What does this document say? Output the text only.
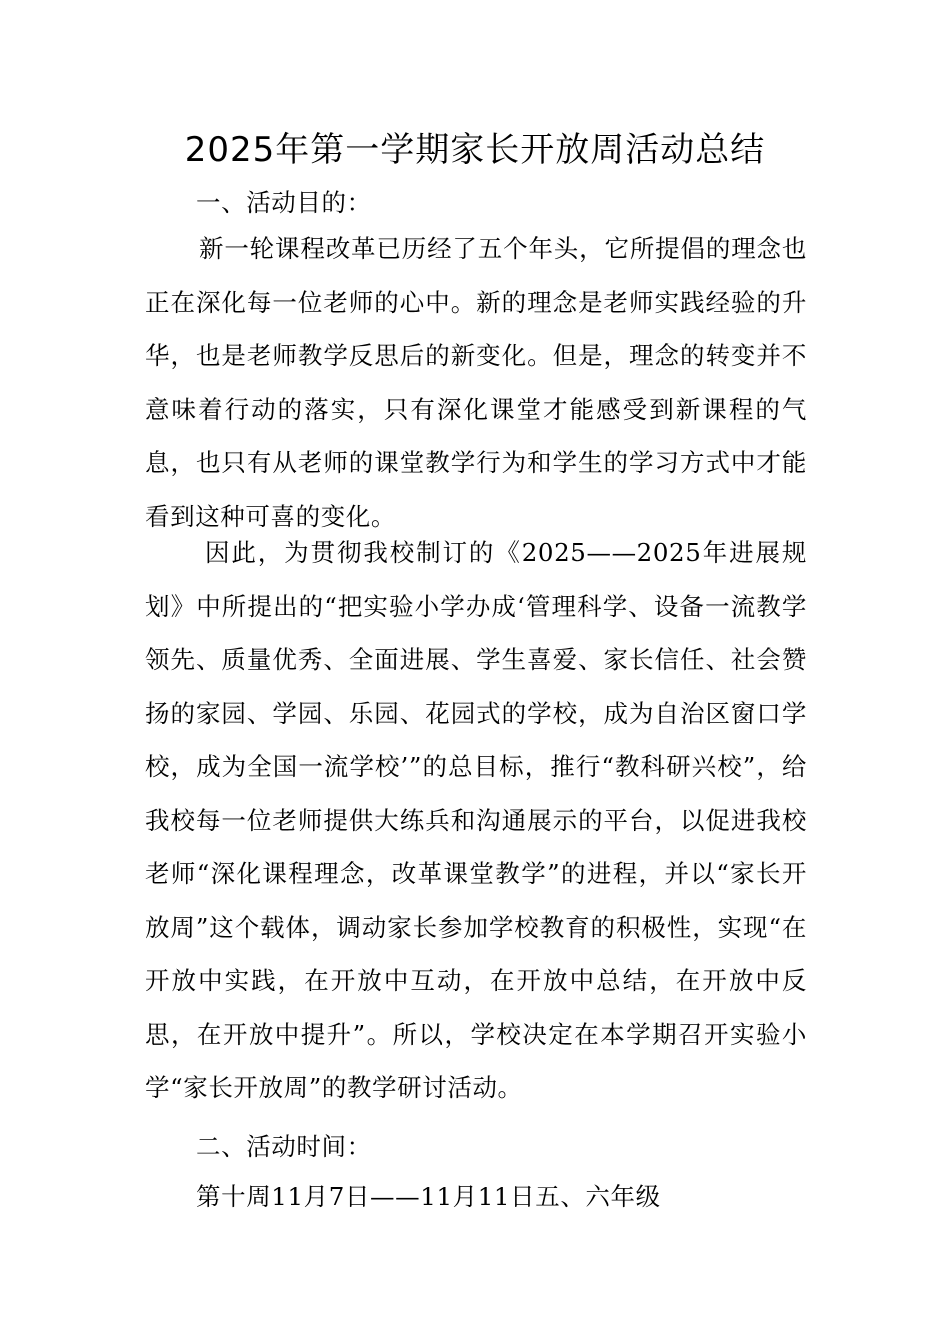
2025年第一学期家长开放周活动总结

一、活动目的：

新一轮课程改革已历经了五个年头，它所提倡的理念也正在深化每一位老师的心中。新的理念是老师实践经验的升华，也是老师教学反思后的新变化。但是，理念的转变并不意味着行动的落实，只有深化课堂才能感受到新课程的气息，也只有从老师的课堂教学行为和学生的学习方式中才能看到这种可喜的变化。

因此，为贯彻我校制订的《2025——2025年进展规划》中所提出的“把实验小学办成‘管理科学、设备一流教学领先、质量优秀、全面进展、学生喜爱、家长信任、社会赞扬的家园、学园、乐园、花园式的学校，成为自治区窗口学校，成为全国一流学校’”的总目标，推行“教科研兴校”，给我校每一位老师提供大练兵和沟通展示的平台，以促进我校老师“深化课程理念，改革课堂教学”的进程，并以“家长开放周”这个载体，调动家长参加学校教育的积极性，实现“在开放中实践，在开放中互动，在开放中总结，在开放中反思，在开放中提升”。所以，学校决定在本学期召开实验小学“家长开放周”的教学研讨活动。

二、活动时间：

第十周11月7日——11月11日五、六年级
